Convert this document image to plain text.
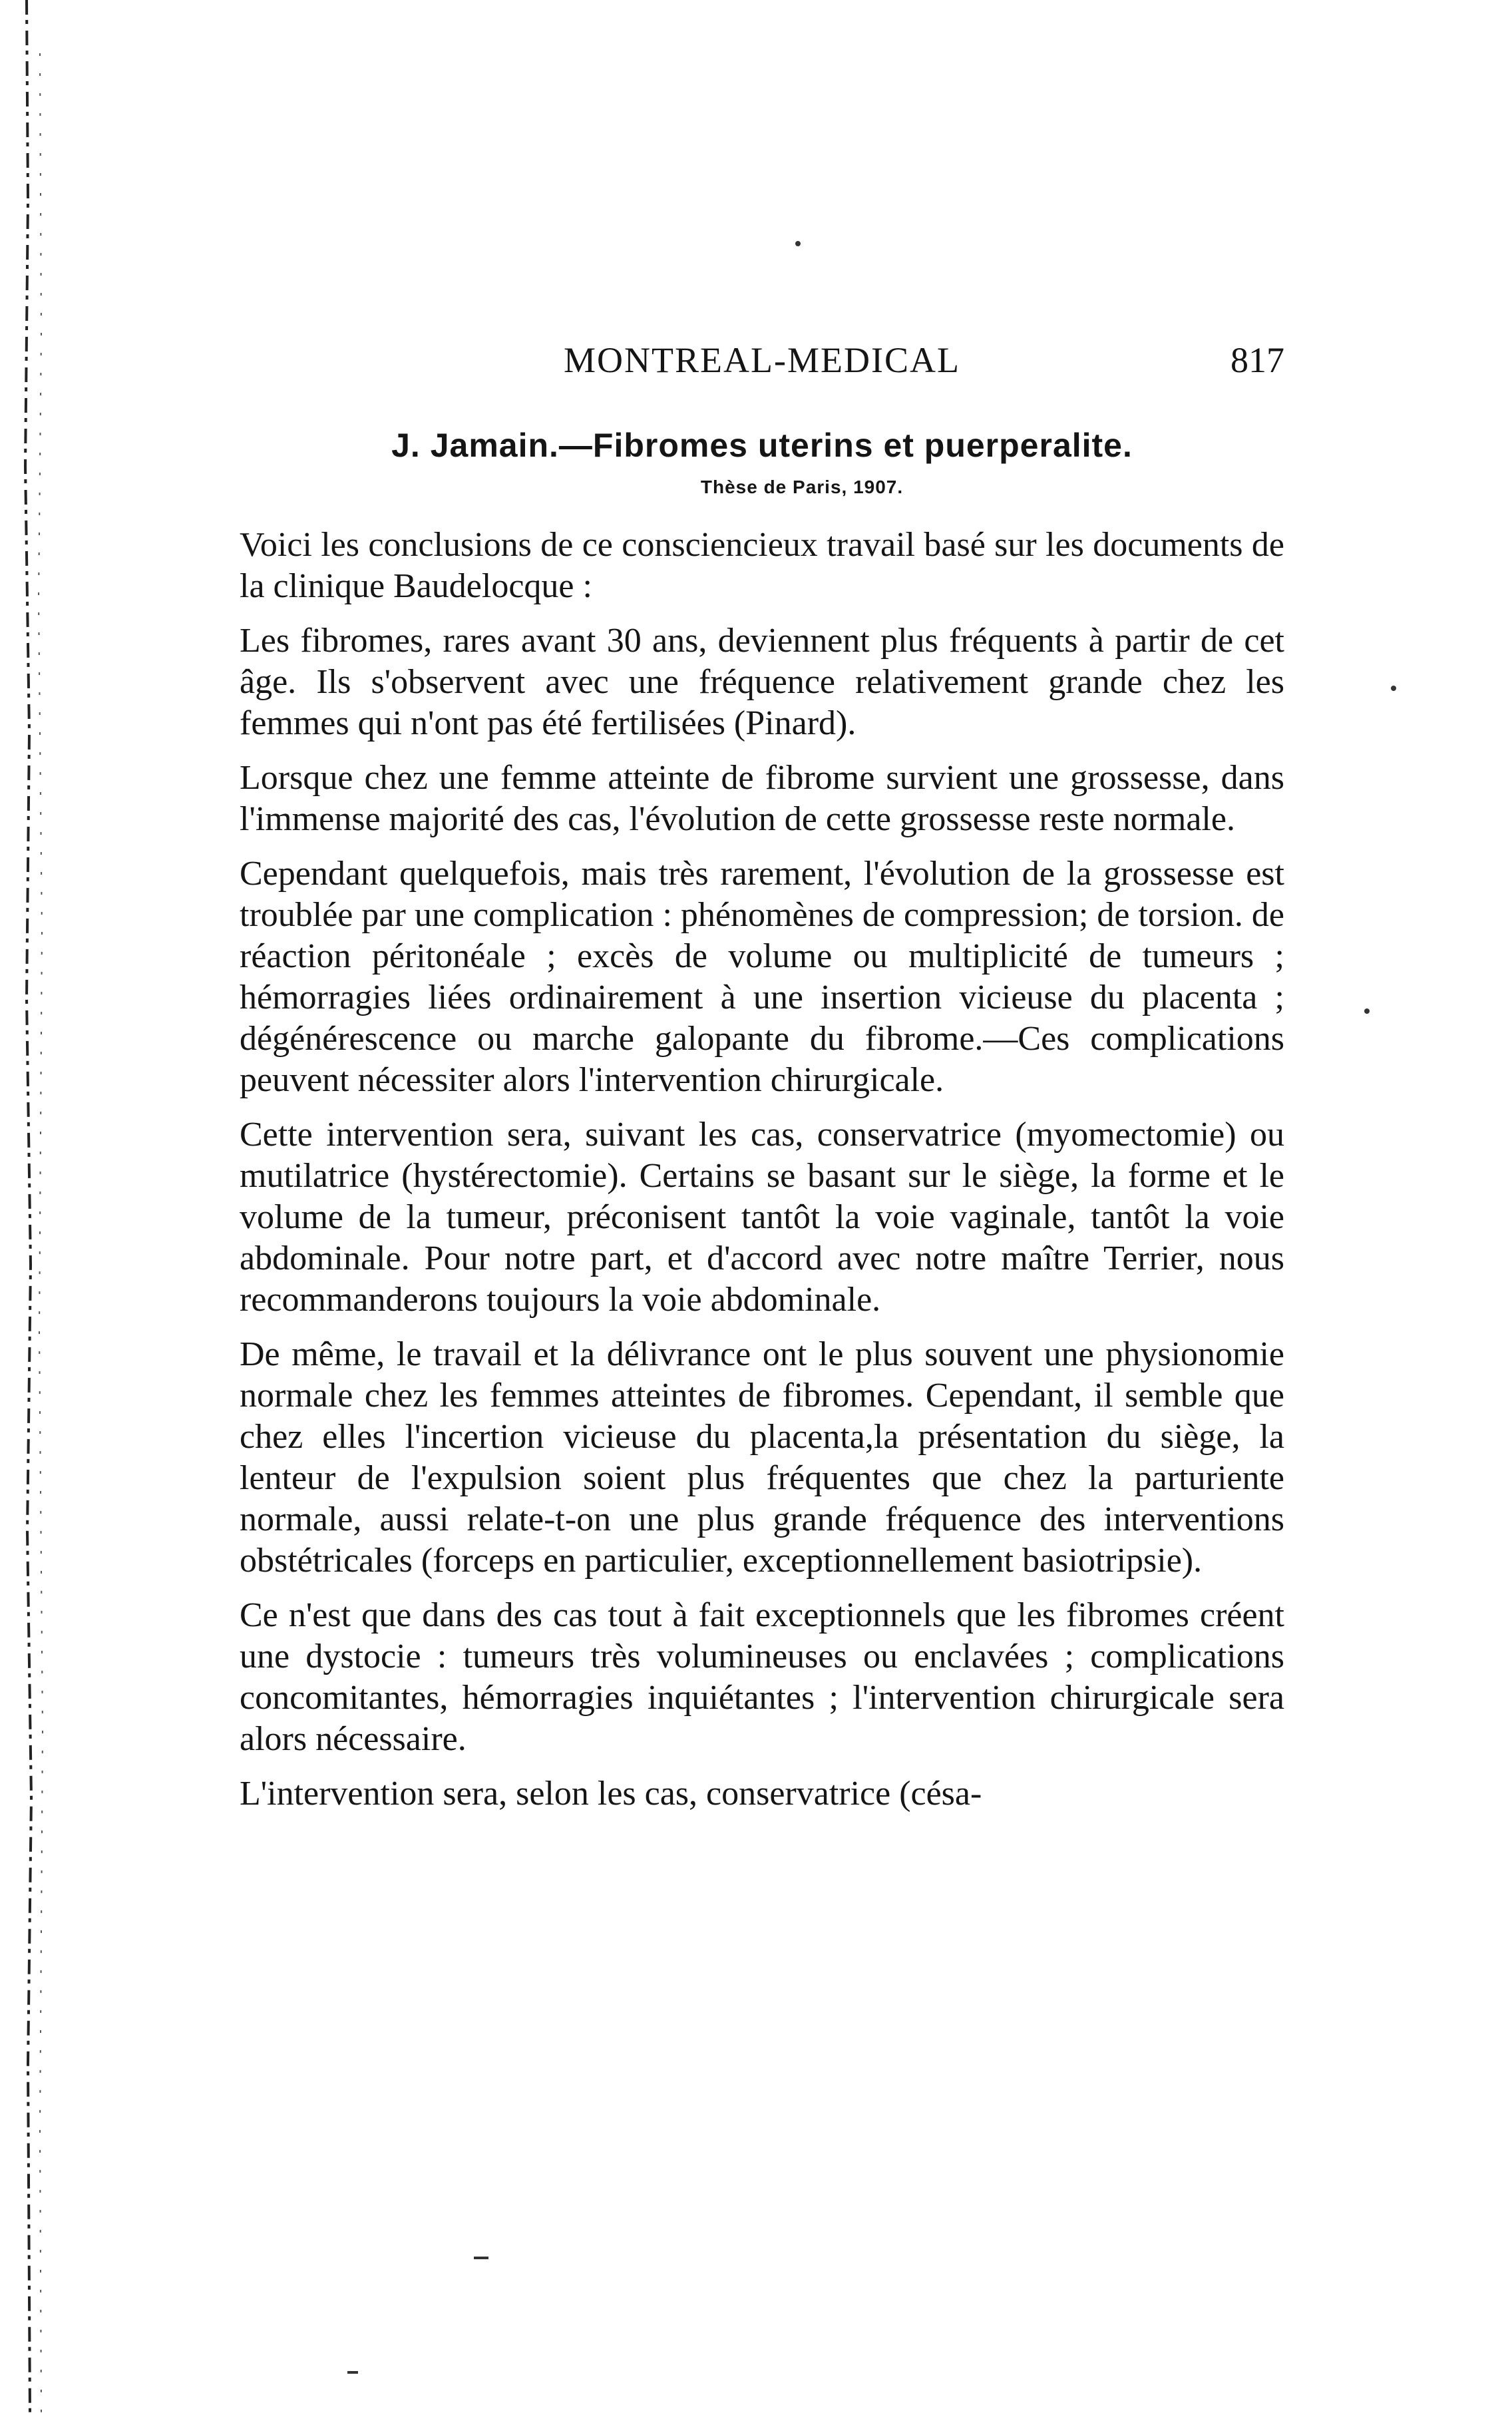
MONTREAL-MEDICAL	817
J. Jamain.—Fibromes uterins et puerperalite.
Thèse de Paris, 1907.

Voici les conclusions de ce consciencieux travail basé sur les documents de la clinique Baudelocque :

Les fibromes, rares avant 30 ans, deviennent plus fréquents à partir de cet âge. Ils s'observent avec une fréquence relativement grande chez les femmes qui n'ont pas été fertilisées (Pinard).

Lorsque chez une femme atteinte de fibrome survient une grossesse, dans l'immense majorité des cas, l'évolution de cette grossesse reste normale.

Cependant quelquefois, mais très rarement, l'évolution de la grossesse est troublée par une complication : phénomènes de compression; de torsion. de réaction péritonéale ; excès de volume ou multiplicité de tumeurs ; hémorragies liées ordinairement à une insertion vicieuse du placenta ; dégénérescence ou marche galopante du fibrome.—Ces complications peuvent nécessiter alors l'intervention chirurgicale.

Cette intervention sera, suivant les cas, conservatrice (myomectomie) ou mutilatrice (hystérectomie). Certains se basant sur le siège, la forme et le volume de la tumeur, préconisent tantôt la voie vaginale, tantôt la voie abdominale. Pour notre part, et d'accord avec notre maître Terrier, nous recommanderons toujours la voie abdominale.

De même, le travail et la délivrance ont le plus souvent une physionomie normale chez les femmes atteintes de fibromes. Cependant, il semble que chez elles l'incertion vicieuse du placenta,la présentation du siège, la lenteur de l'expulsion soient plus fréquentes que chez la parturiente normale, aussi relate-t-on une plus grande fréquence des interventions obstétricales (forceps en particulier, exceptionnellement basiotripsie).

Ce n'est que dans des cas tout à fait exceptionnels que les fibromes créent une dystocie : tumeurs très volumineuses ou enclavées ; complications concomitantes, hémorragies inquiétantes ; l'intervention chirurgicale sera alors nécessaire.

L'intervention sera, selon les cas, conservatrice (césa-
